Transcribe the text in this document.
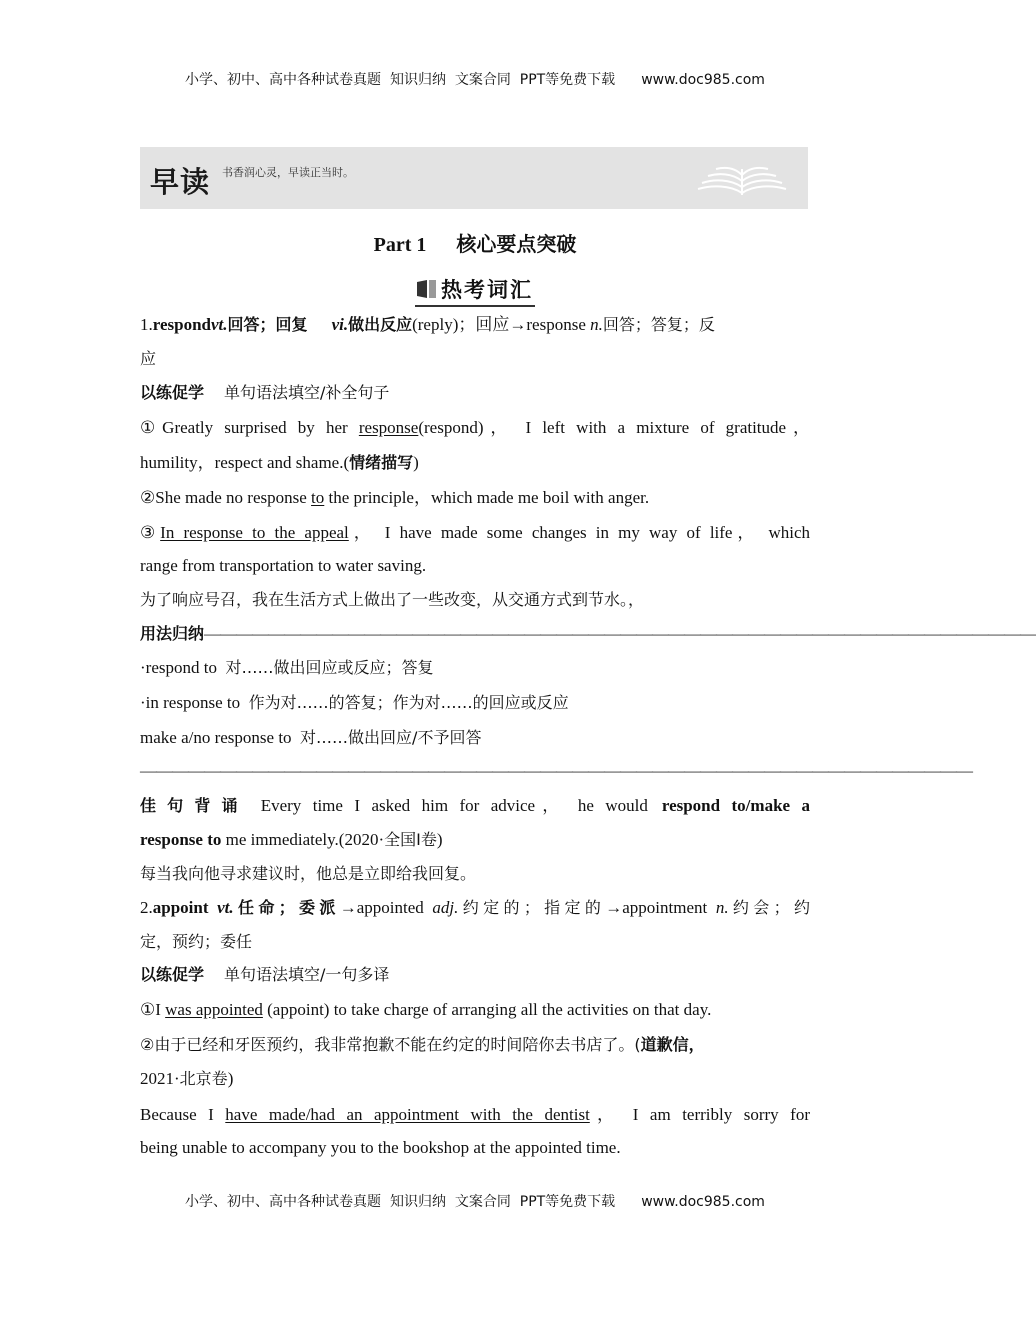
小学、初中、高中各种试卷真题  知识归纳  文案合同  PPT等免费下载 www.doc985.com
早读 书香润心灵，早读正当时。
Part 1      核心要点突破
热考词汇
1.respondvt.回答；回复 vi.做出反应(reply)；回应→response n.回答；答复；反
应
以练促学 单句语法填空/补全句子
①Greatly surprised by her response(respond)， I left with a mixture of gratitude，
humility，respect and shame.(情绪描写)
②She made no response to the principle，which made me boil with anger.
③In response to the appeal， I have made some changes in my way of life， which
range from transportation to water saving.
为了响应号召，我在生活方式上做出了一些改变，从交通方式到节水。，
用法归纳————————————————————————————————————————————————————
·respond to 对……做出回应或反应；答复
·in response to 作为对……的答复；作为对……的回应或反应
make a/no response to 对……做出回应/不予回答
————————————————————————————————————————————————————
佳句背诵 Every time I asked him for advice， he would respond to/make a
response to me immediately.(2020·全国Ⅰ卷)
每当我向他寻求建议时，他总是立即给我回复。
2.appoint vt.任命；委派→appointed adj.约定的；指定的→appointment n.约会；约
定，预约；委任
以练促学 单句语法填空/一句多译
①I was appointed (appoint) to take charge of arranging all the activities on that day.
②由于已经和牙医预约，我非常抱歉不能在约定的时间陪你去书店了。(道歉信，
2021·北京卷)
Because I have made/had an appointment with the dentist， I am terribly sorry for
being unable to accompany you to the bookshop at the appointed time.
小学、初中、高中各种试卷真题  知识归纳  文案合同  PPT等免费下载 www.doc985.com
